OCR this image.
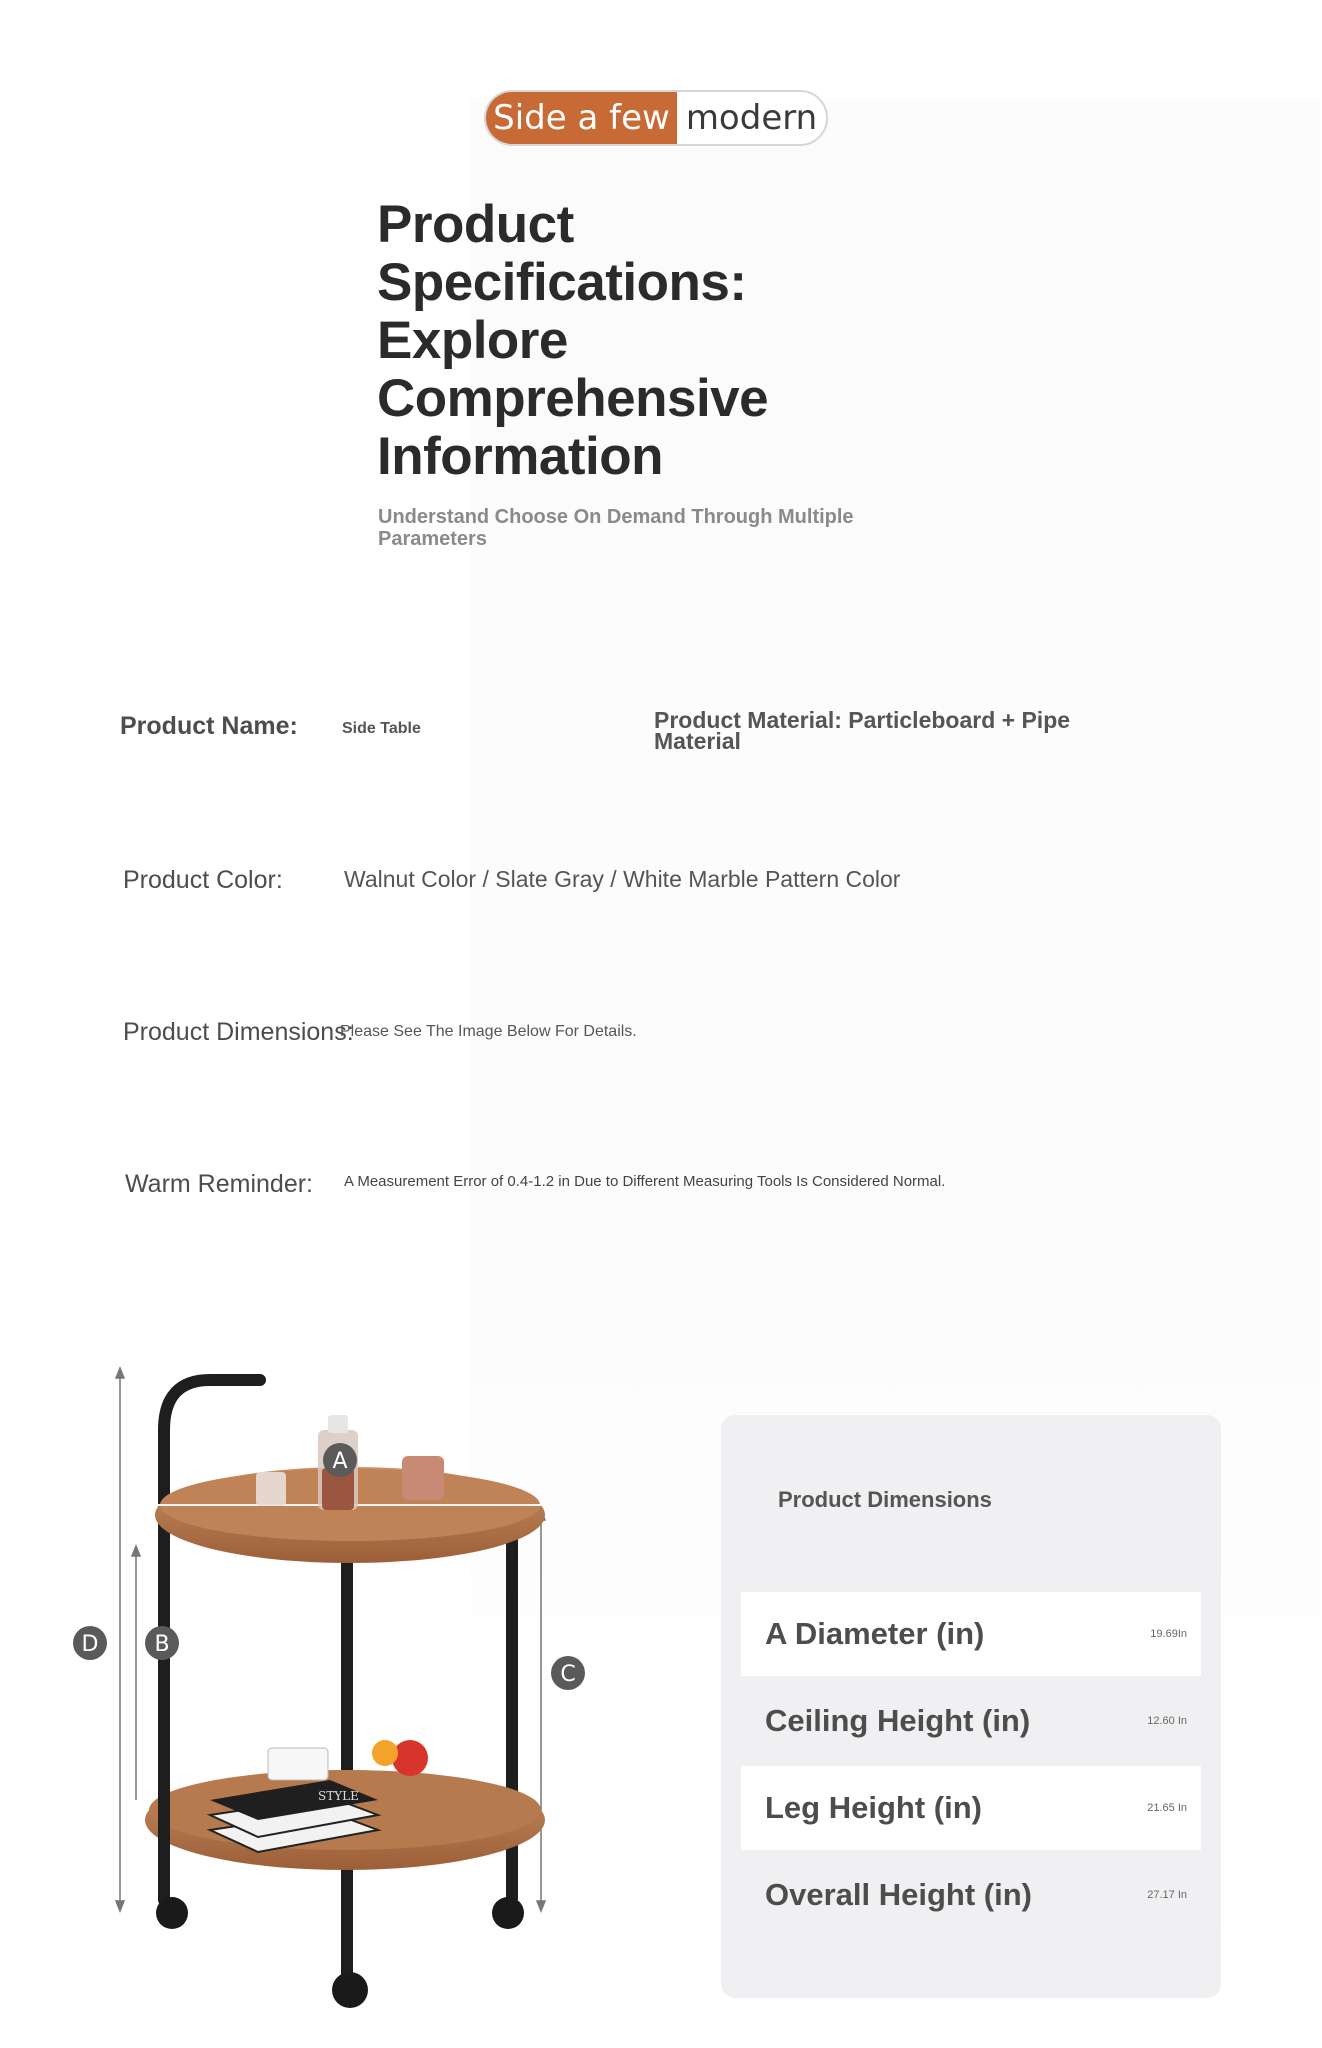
Side a few modern
Product Specifications: Explore Comprehensive Information

Understand Choose On Demand Through Multiple Parameters

Product Name:	Side Table	Product Material: Particleboard + Pipe Material
Product Color:	Walnut Color / Slate Gray / White Marble Pattern Color
Product Dimensions:
Please See The Image Below For Details.
Warm Reminder: A Measurement Error of 0.4-1.2 in Due to Different Measuring Tools Is Considered Normal.
STYLE
A
D	B
C
Product Dimensions
A Diameter (in)	19.69In
Ceiling Height (in)	12.60 In
Leg Height (in)	21.65 In
Overall Height (in)	27.17 In
